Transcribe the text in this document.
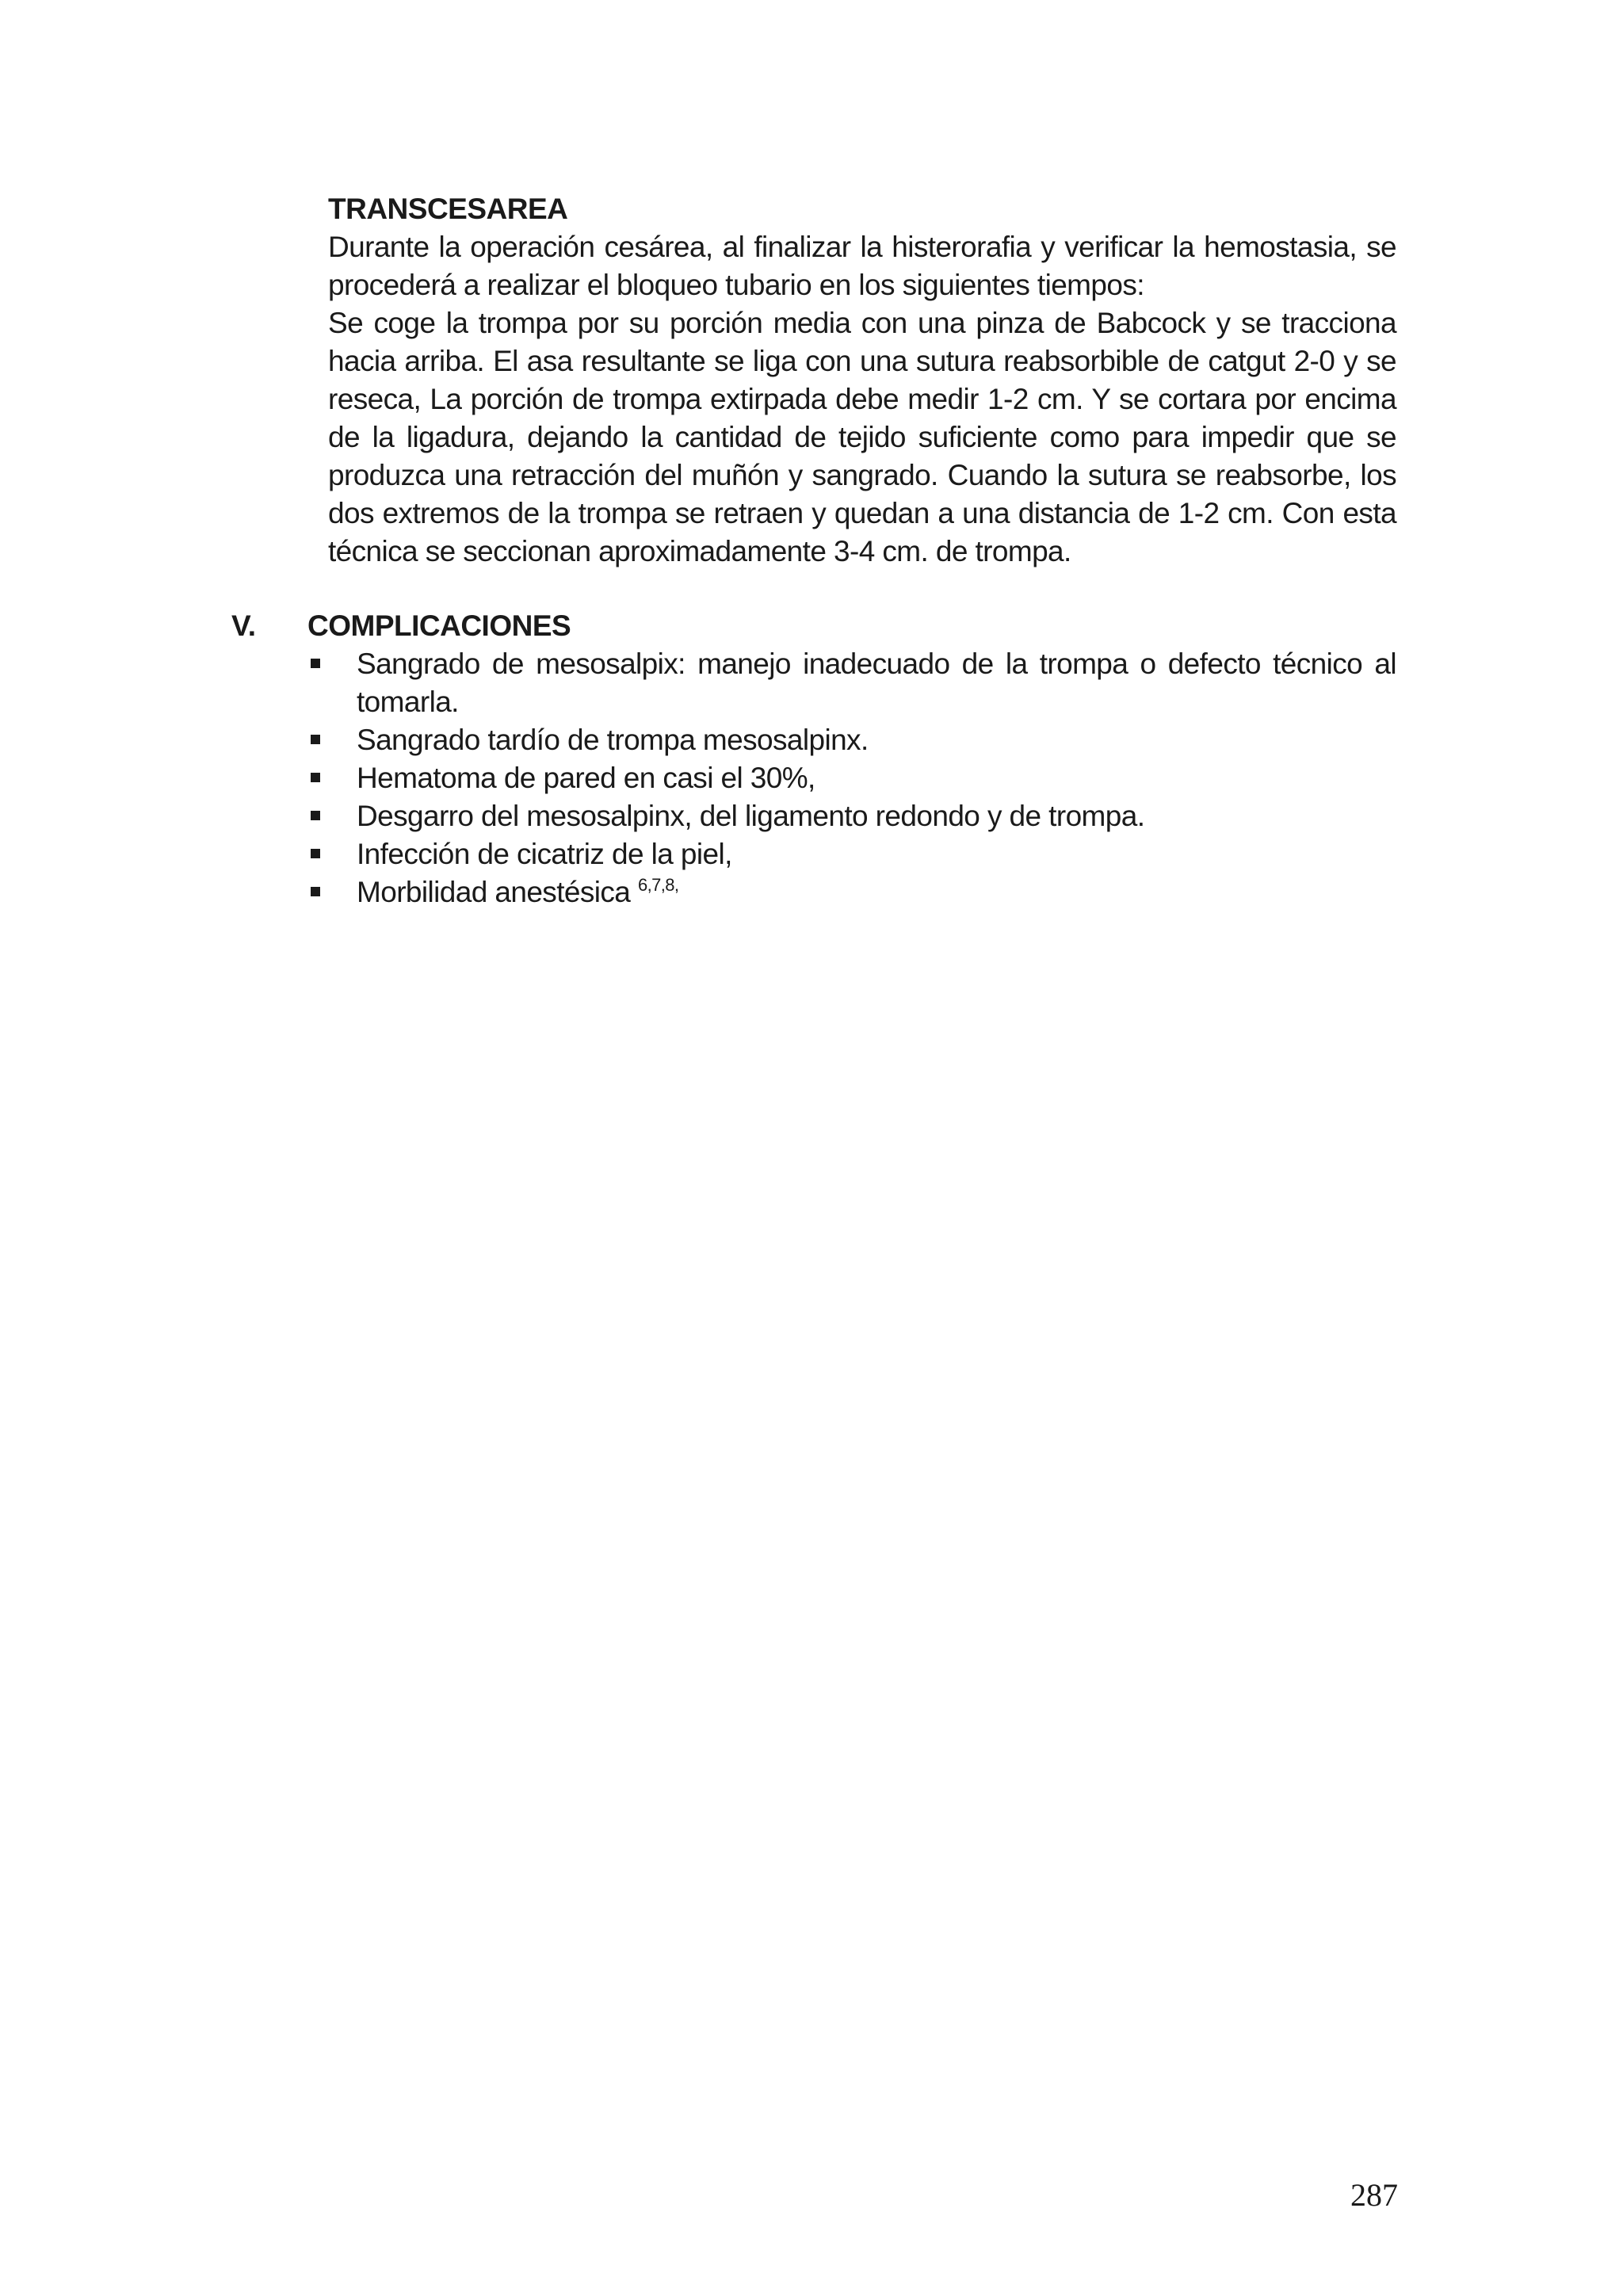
TRANSCESAREA

Durante la operación cesárea, al finalizar la histerorafia y verificar la hemostasia, se procederá a realizar el bloqueo tubario en los siguientes tiempos:

Se coge la trompa por su porción media con una pinza de Babcock y se tracciona hacia arriba. El asa resultante se liga con una sutura reabsorbible de catgut 2-0 y se reseca, La porción de trompa extirpada debe medir 1-2 cm. Y se cortara por encima de la ligadura, dejando la cantidad de tejido suficiente como para impedir que se produzca una retracción del muñón y sangrado. Cuando la sutura se reabsorbe, los dos extremos de la trompa se retraen y quedan a una distancia de 1-2 cm. Con esta técnica se seccionan aproximadamente 3-4 cm. de trompa.

V.	COMPLICACIONES
Sangrado de mesosalpix: manejo inadecuado de la trompa o defecto técnico al tomarla.
Sangrado tardío de trompa mesosalpinx.
Hematoma de pared en casi el 30%,
Desgarro del mesosalpinx, del ligamento redondo y de trompa.
Infección de cicatriz de la piel,
Morbilidad anestésica $^{6,7,8,}$
287
